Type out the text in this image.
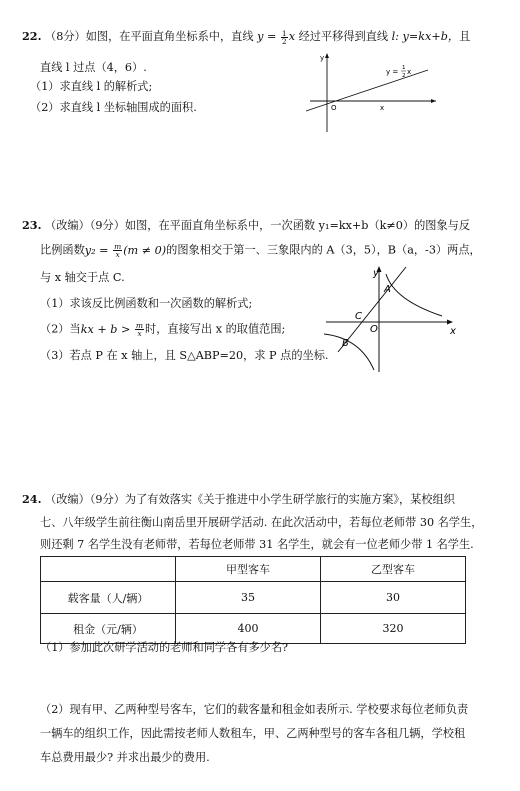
22. （8分）如图，在平面直角坐标系中，直线 $y = \frac{1}{2}$ x 经过平移得到直线 l: y=kx+b，且
直线 l 过点（4，6）.
（1）求直线 l 的解析式;
（2）求直线 l 坐标轴围成的面积.
y
x
O
y = 1
2 x
23. （改编）（9分）如图，在平面直角坐标系中，一次函数 y₁=kx+b（k≠0）的图象与反
比例函数$y_2 = \frac{m}{x} (m \ne 0)$的图象相交于第一、三象限内的 A（3，5），B（a，-3）两点，
与 x 轴交于点 C.
（1）求该反比例函数和一次函数的解析式;
（2）当kx + $b > \frac{m}{x}$ 时，直接写出 x 的取值范围;
（3）若点 P 在 x 轴上，且 S△ABP=20，求 P 点的坐标.
y
x
O
A
B
C
24. （改编）（9分）为了有效落实《关于推进中小学生研学旅行的实施方案》，某校组织
七、八年级学生前往衡山南岳里开展研学活动. 在此次活动中，若每位老师带 30 名学生，
则还剩 7 名学生没有老师带，若每位老师带 31 名学生，就会有一位老师少带 1 名学生.
	甲型客车	乙型客车
载客量（人/辆）	35	30
租金（元/辆）	400	320
（1）参加此次研学活动的老师和同学各有多少名?
（2）现有甲、乙两种型号客车，它们的载客量和租金如表所示. 学校要求每位老师负责
一辆车的组织工作，因此需按老师人数租车，甲、乙两种型号的客车各租几辆，学校租
车总费用最少? 并求出最少的费用.
